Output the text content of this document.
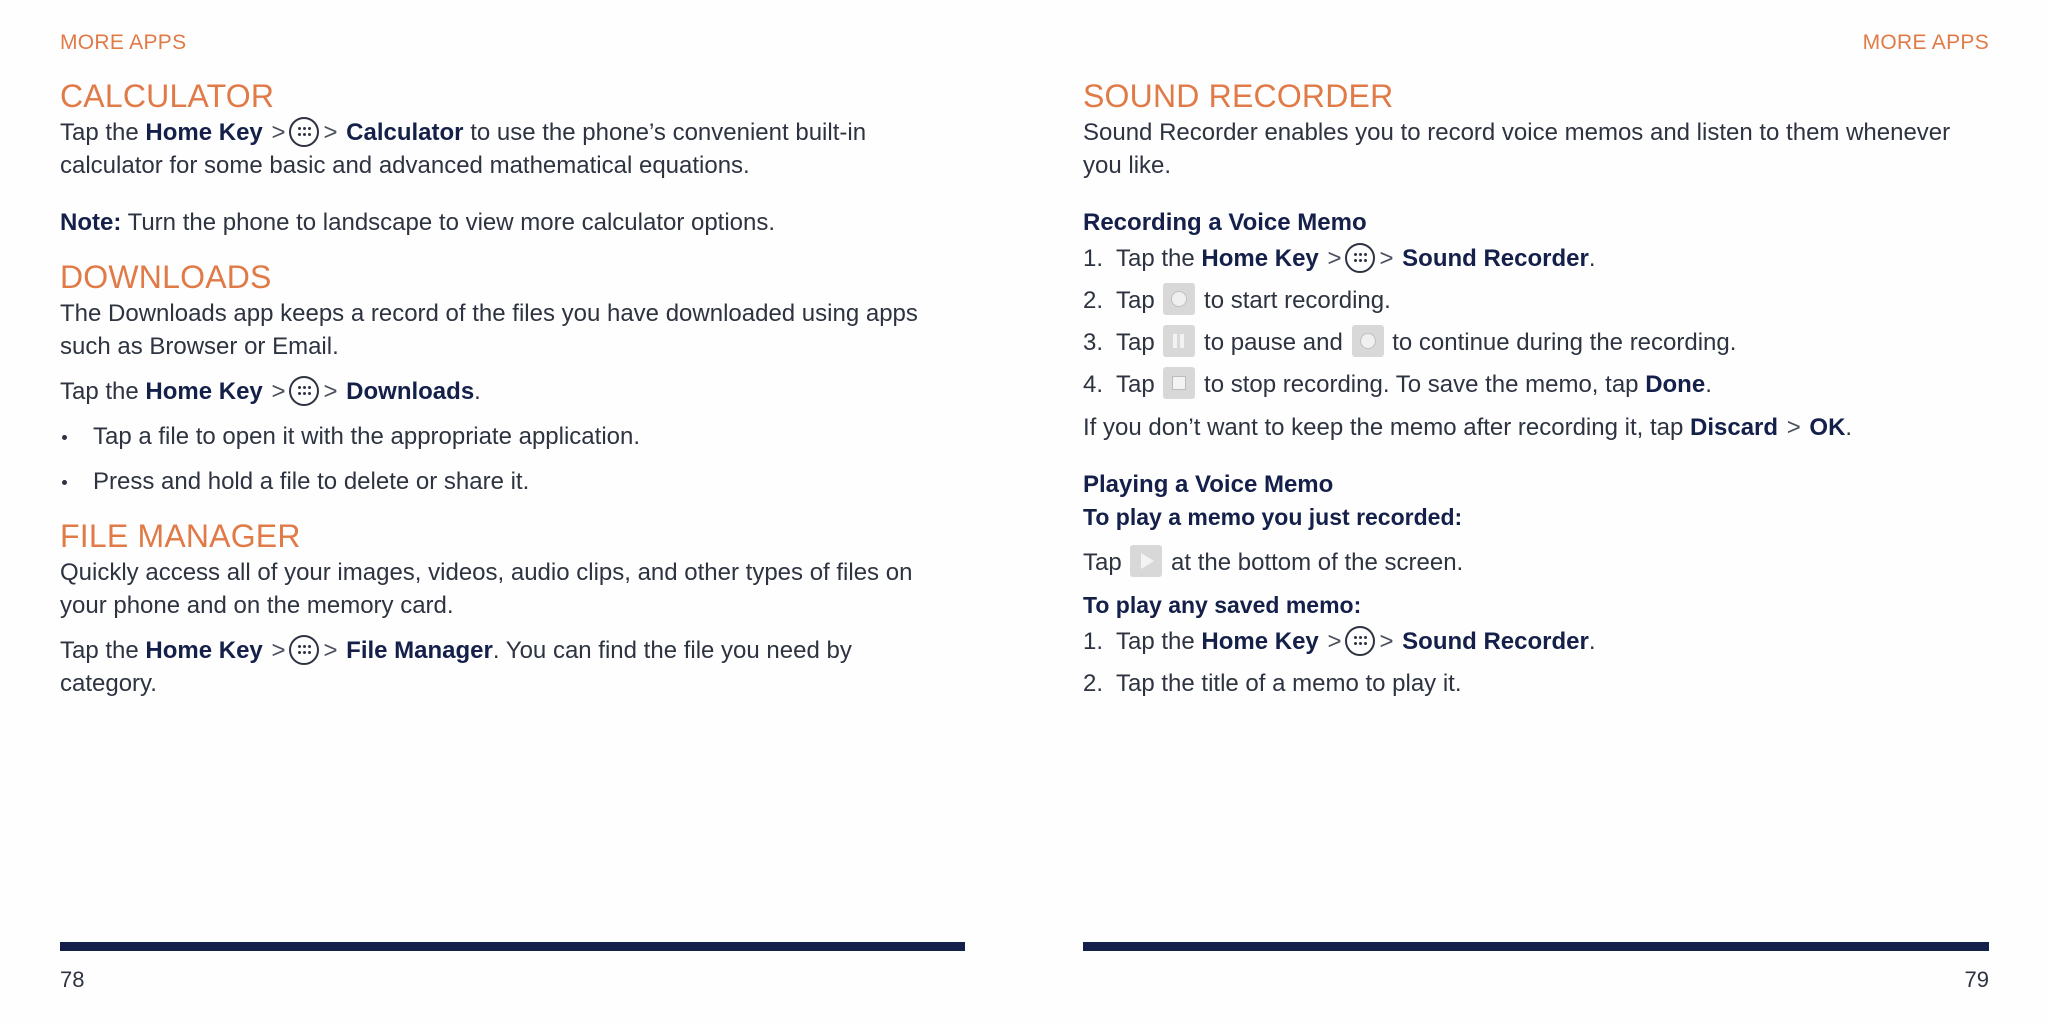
MORE APPS
CALCULATOR

Tap the Home Key > > Calculator to use the phone’s convenient built-in calculator for some basic and advanced mathematical equations.

Note: Turn the phone to landscape to view more calculator options.

DOWNLOADS

The Downloads app keeps a record of the files you have downloaded using apps such as Browser or Email.

Tap the Home Key > > Downloads.

Tap a file to open it with the appropriate application.
Press and hold a file to delete or share it.
FILE MANAGER

Quickly access all of your images, videos, audio clips, and other types of files on your phone and on the memory card.

Tap the Home Key > > File Manager. You can find the file you need by category.

78
MORE APPS
SOUND RECORDER

Sound Recorder enables you to record voice memos and listen to them whenever you like.

Recording a Voice Memo
1. Tap the Home Key > > Sound Recorder.
2. Tap to start recording.
3. Tap to pause and to continue during the recording.
4. Tap to stop recording. To save the memo, tap Done.

If you don’t want to keep the memo after recording it, tap Discard > OK.

Playing a Voice Memo
To play a memo you just recorded:

Tap at the bottom of the screen.

To play any saved memo:
1. Tap the Home Key > > Sound Recorder.
2. Tap the title of a memo to play it.
79
